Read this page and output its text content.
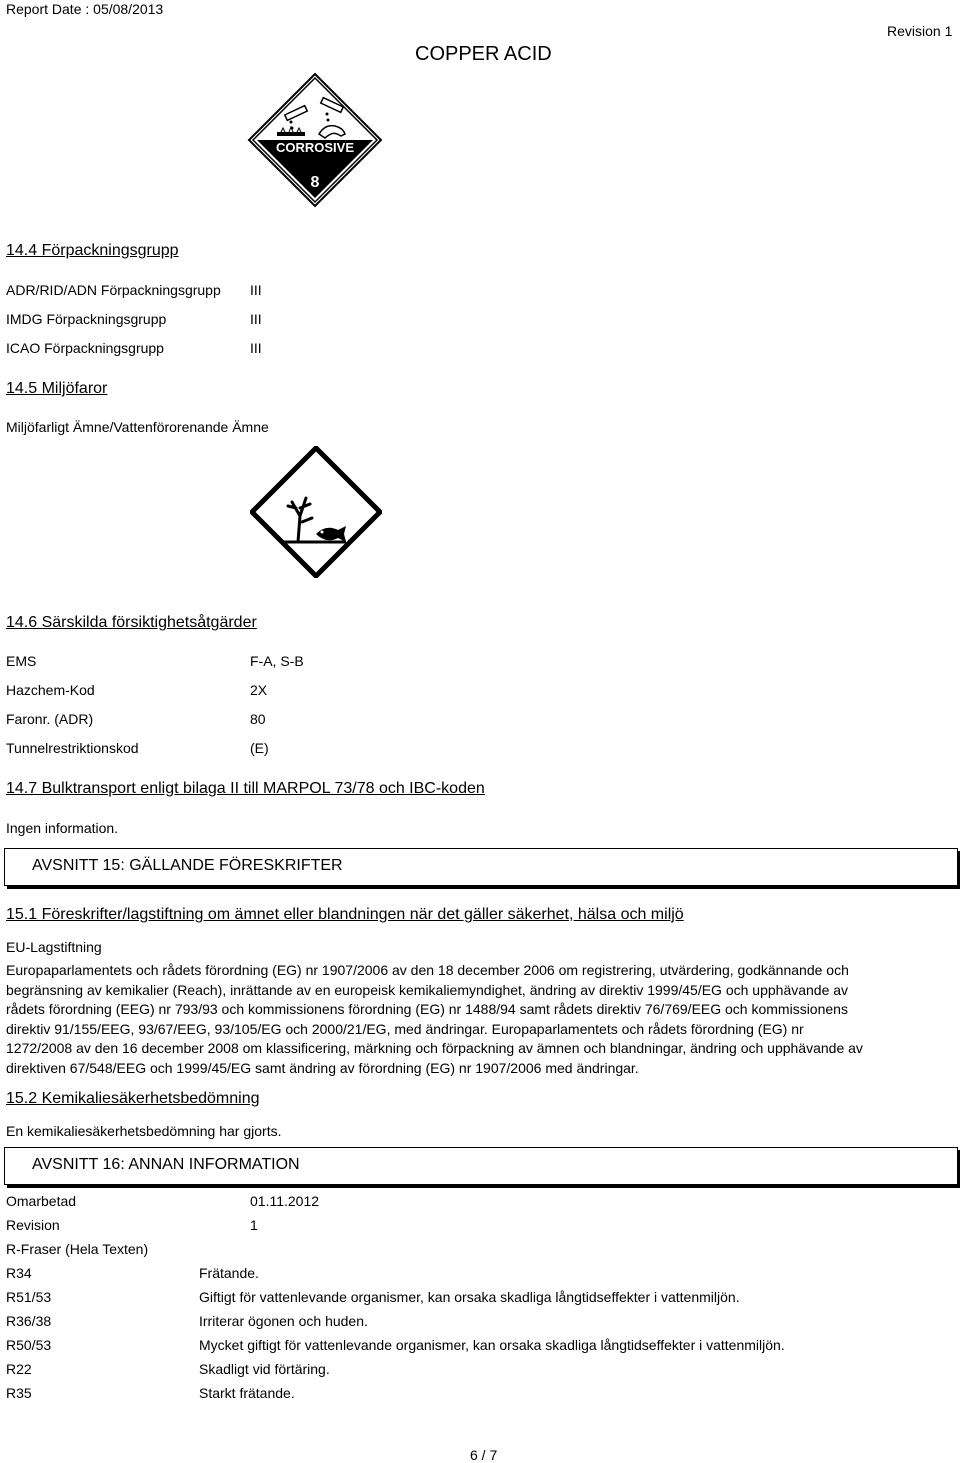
Report Date : 05/08/2013
COPPER ACID
Revision 1
CORROSIVE
8
14.4 Förpackningsgrupp
ADR/RID/ADN Förpackningsgrupp III
IMDG Förpackningsgrupp	III
ICAO Förpackningsgrupp	III
14.5 Miljöfaror
Miljöfarligt Ämne/Vattenförorenande Ämne
14.6 Särskilda försiktighetsåtgärder
EMS	F-A, S-B
Hazchem-Kod	2X
Faronr. (ADR)	80
Tunnelrestriktionskod	(E)
14.7 Bulktransport enligt bilaga II till MARPOL 73/78 och IBC-koden
Ingen information.
AVSNITT 15: GÄLLANDE FÖRESKRIFTER
15.1 Föreskrifter/lagstiftning om ämnet eller blandningen när det gäller säkerhet, hälsa och miljö
EU-Lagstiftning

Europaparlamentets och rådets förordning (EG) nr 1907/2006 av den 18 december 2006 om registrering, utvärdering, godkännande och

begränsning av kemikalier (Reach), inrättande av en europeisk kemikaliemyndighet, ändring av direktiv 1999/45/EG och upphävande av

rådets förordning (EEG) nr 793/93 och kommissionens förordning (EG) nr 1488/94 samt rådets direktiv 76/769/EEG och kommissionens

direktiv 91/155/EEG, 93/67/EEG, 93/105/EG och 2000/21/EG, med ändringar. Europaparlamentets och rådets förordning (EG) nr

1272/2008 av den 16 december 2008 om klassificering, märkning och förpackning av ämnen och blandningar, ändring och upphävande av

direktiven 67/548/EEG och 1999/45/EG samt ändring av förordning (EG) nr 1907/2006 med ändringar.

15.2 Kemikaliesäkerhetsbedömning
En kemikaliesäkerhetsbedömning har gjorts.
AVSNITT 16: ANNAN INFORMATION
Omarbetad	01.11.2012
Revision	1
R-Fraser (Hela Texten)
R34	Frätande.
R51/53	Giftigt för vattenlevande organismer, kan orsaka skadliga långtidseffekter i vattenmiljön.
R36/38	Irriterar ögonen och huden.
R50/53	Mycket giftigt för vattenlevande organismer, kan orsaka skadliga långtidseffekter i vattenmiljön.
R22	Skadligt vid förtäring.
R35	Starkt frätande.
6 / 7
